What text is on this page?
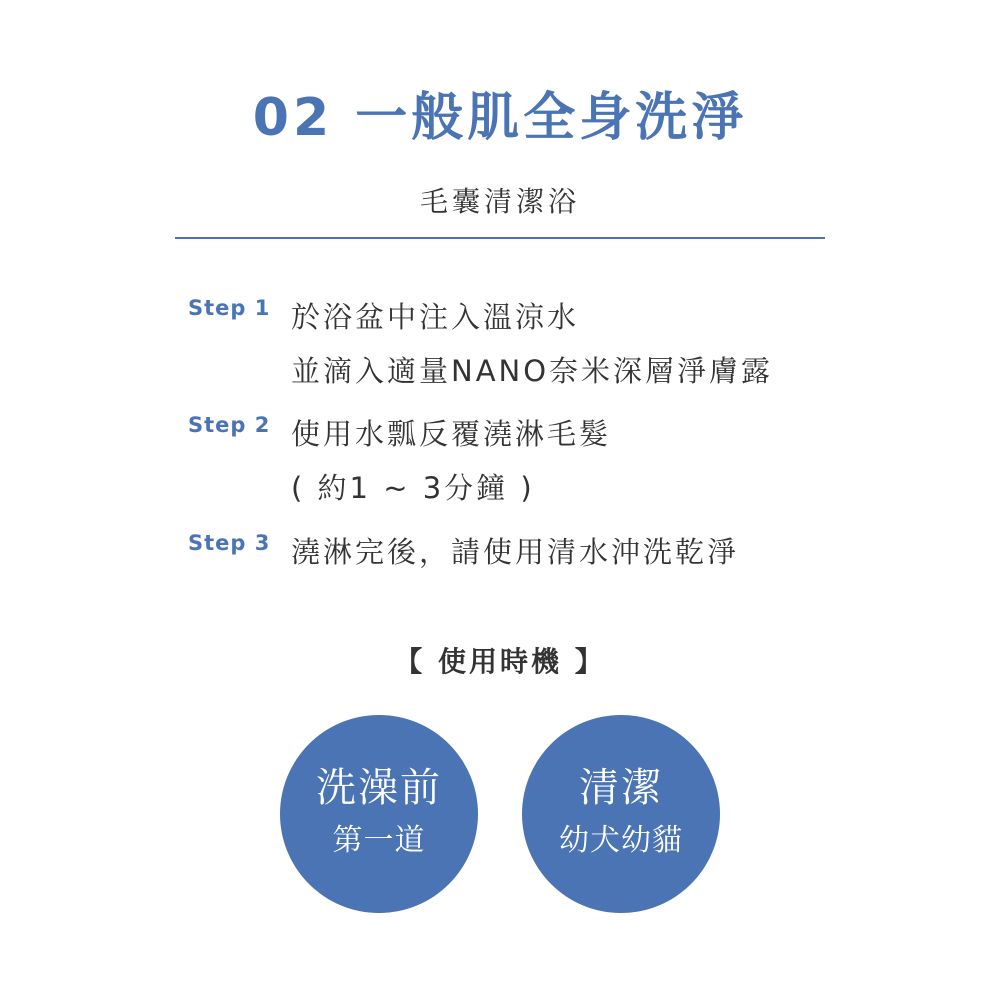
02 一般肌全身洗淨
毛囊清潔浴
Step 1 於浴盆中注入溫涼水
並滴入適量NANO奈米深層淨膚露
Step 2 使用水瓢反覆澆淋毛髮
( 約1 ~ 3分鐘 )
Step 3 澆淋完後，請使用清水沖洗乾淨
【 使用時機 】
洗澡前
第一道
清潔
幼犬幼貓
